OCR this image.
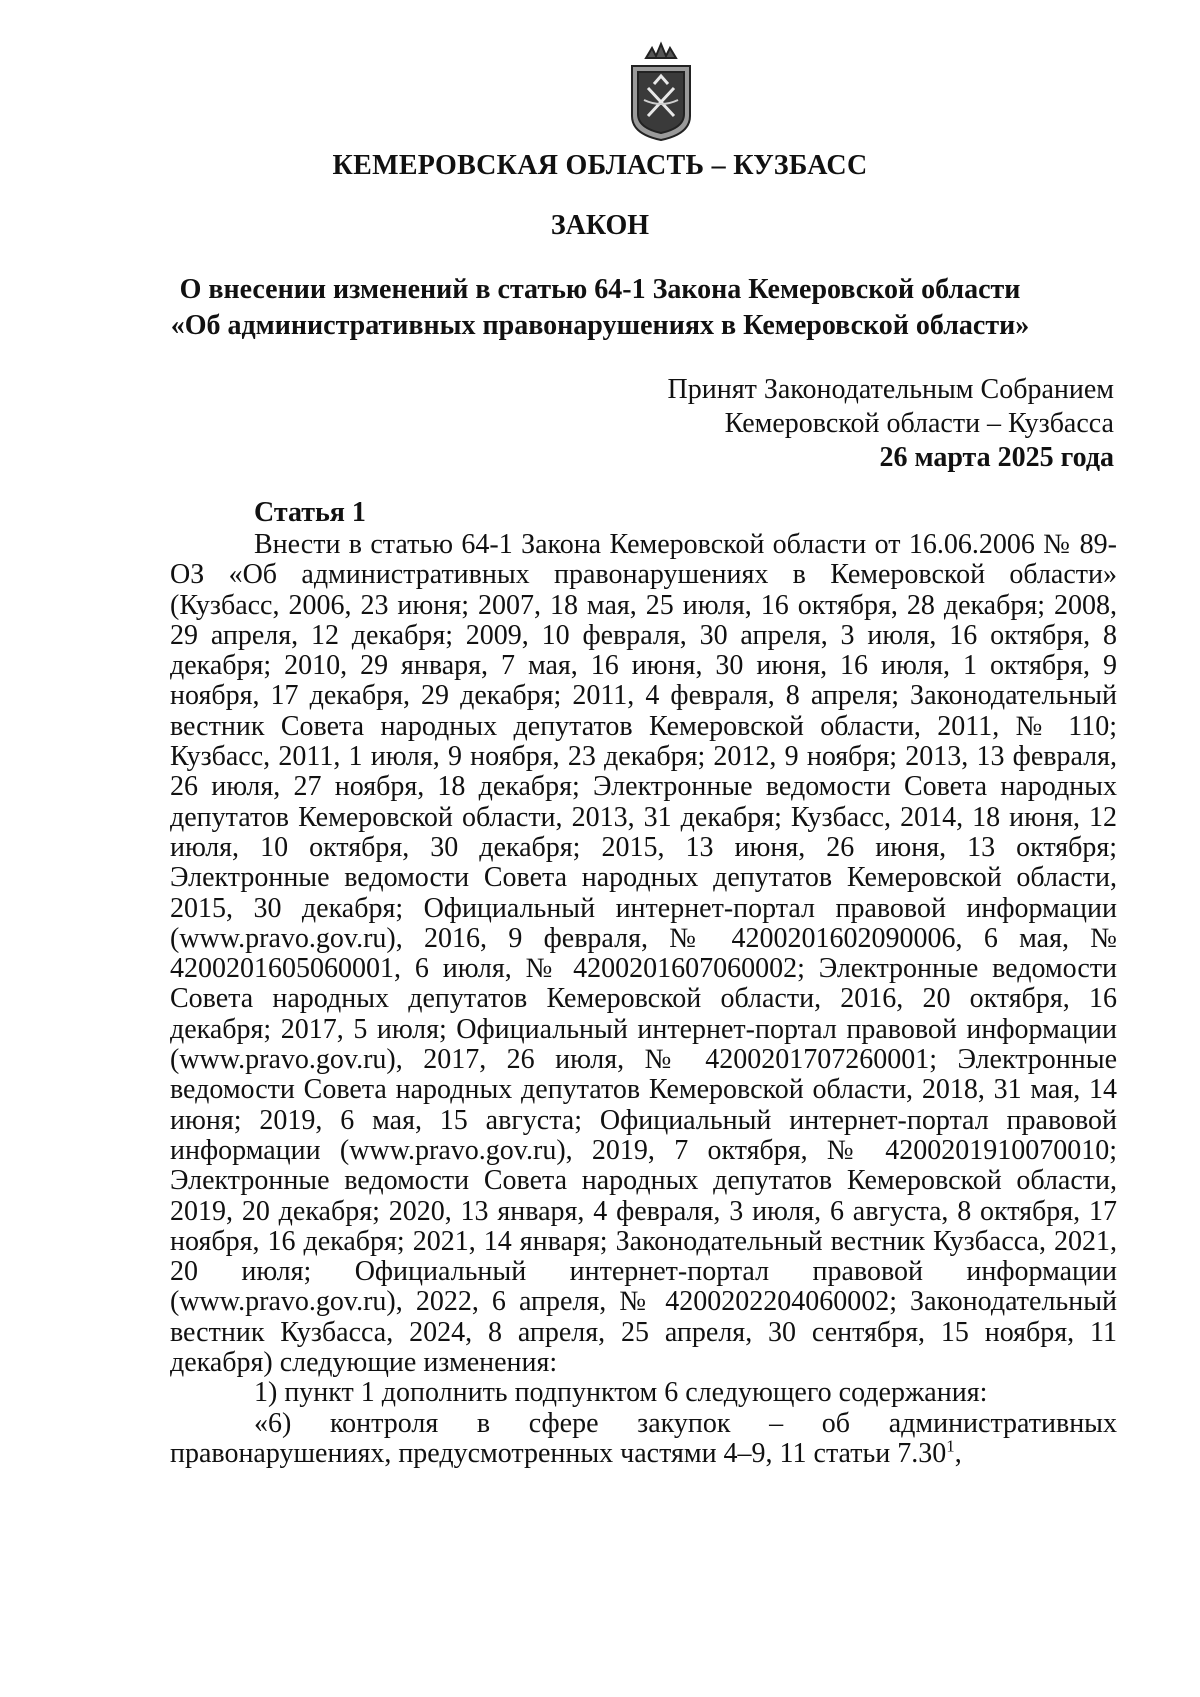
КЕМЕРОВСКАЯ ОБЛАСТЬ – КУЗБАСС
ЗАКОН
О внесении изменений в статью 64-1 Закона Кемеровской области
«Об административных правонарушениях в Кемеровской области»
Принят Законодательным Собранием
Кемеровской области – Кузбасса
26 марта 2025 года
Статья 1

Внести в статью 64-1 Закона Кемеровской области от 16.06.2006 № 89-ОЗ «Об административных правонарушениях в Кемеровской области» (Кузбасс, 2006, 23 июня; 2007, 18 мая, 25 июля, 16 октября, 28 декабря; 2008, 29 апреля, 12 декабря; 2009, 10 февраля, 30 апреля, 3 июля, 16 октября, 8 декабря; 2010, 29 января, 7 мая, 16 июня, 30 июня, 16 июля, 1 октября, 9 ноября, 17 декабря, 29 декабря; 2011, 4 февраля, 8 апреля; Законодательный вестник Совета народных депутатов Кемеровской области, 2011, № 110; Кузбасс, 2011, 1 июля, 9 ноября, 23 декабря; 2012, 9 ноября; 2013, 13 февраля, 26 июля, 27 ноября, 18 декабря; Электронные ведомости Совета народных депутатов Кемеровской области, 2013, 31 декабря; Кузбасс, 2014, 18 июня, 12 июля, 10 октября, 30 декабря; 2015, 13 июня, 26 июня, 13 октября; Электронные ведомости Совета народных депутатов Кемеровской области, 2015, 30 декабря; Официальный интернет-портал правовой информации (www.pravo.gov.ru), 2016, 9 февраля, № 4200201602090006, 6 мая, № 4200201605060001, 6 июля, № 4200201607060002; Электронные ведомости Совета народных депутатов Кемеровской области, 2016, 20 октября, 16 декабря; 2017, 5 июля; Официальный интернет-портал правовой информации (www.pravo.gov.ru), 2017, 26 июля, № 4200201707260001; Электронные ведомости Совета народных депутатов Кемеровской области, 2018, 31 мая, 14 июня; 2019, 6 мая, 15 августа; Официальный интернет-портал правовой информации (www.pravo.gov.ru), 2019, 7 октября, № 4200201910070010; Электронные ведомости Совета народных депутатов Кемеровской области, 2019, 20 декабря; 2020, 13 января, 4 февраля, 3 июля, 6 августа, 8 октября, 17 ноября, 16 декабря; 2021, 14 января; Законодательный вестник Кузбасса, 2021, 20 июля; Официальный интернет-портал правовой информации (www.pravo.gov.ru), 2022, 6 апреля, № 4200202204060002; Законодательный вестник Кузбасса, 2024, 8 апреля, 25 апреля, 30 сентября, 15 ноября, 11 декабря) следующие изменения:

1) пункт 1 дополнить подпунктом 6 следующего содержания:

«6) контроля в сфере закупок – об административных правонарушениях, предусмотренных частями 4–9, 11 статьи 7.30$^1$,
